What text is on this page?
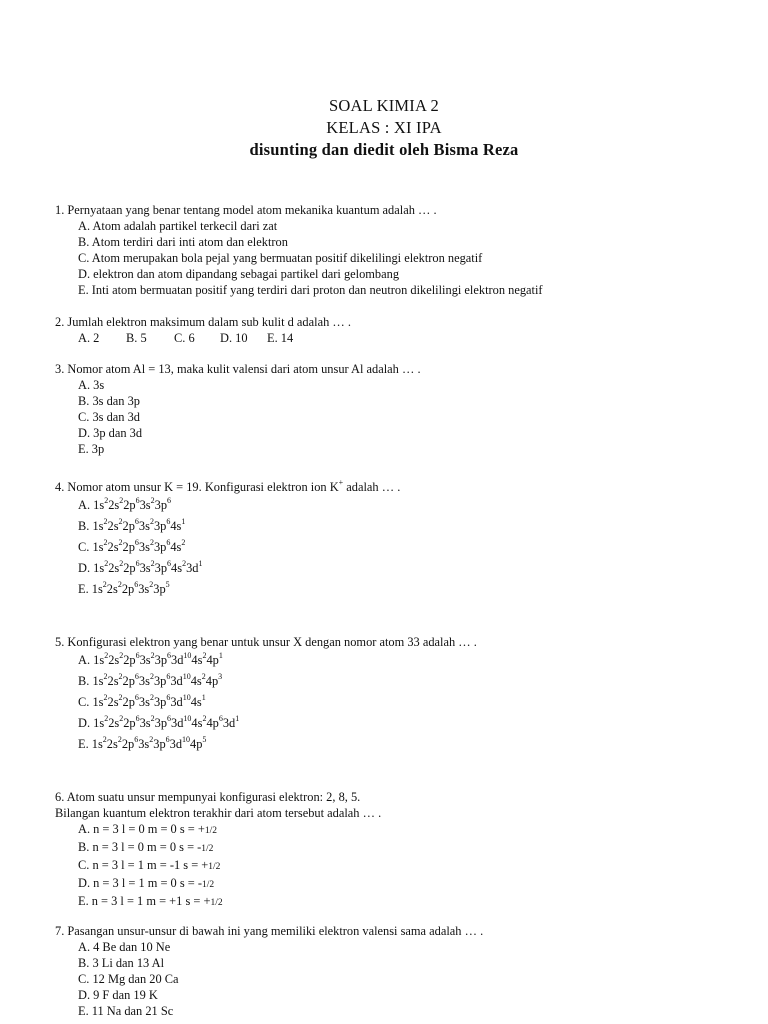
SOAL KIMIA 2
KELAS : XI IPA
disunting dan diedit oleh Bisma Reza
1. Pernyataan yang benar tentang model atom mekanika kuantum adalah … .
A. Atom adalah partikel terkecil dari zat
B. Atom terdiri dari inti atom dan elektron
C. Atom merupakan bola pejal yang bermuatan positif dikelilingi elektron negatif
D. elektron dan atom dipandang sebagai partikel dari gelombang
E. Inti atom bermuatan positif yang terdiri dari proton dan neutron dikelilingi elektron negatif
2. Jumlah elektron maksimum dalam sub kulit d adalah … .
A. 2 B. 5 C. 6 D. 10 E. 14
3. Nomor atom Al = 13, maka kulit valensi dari atom unsur Al adalah … .
A. 3s
B. 3s dan 3p
C. 3s dan 3d
D. 3p dan 3d
E. 3p
4. Nomor atom unsur K = 19. Konfigurasi elektron ion K+ adalah … .
A. $1s^22s^22p^63s^23p^6$
B. $1s^22s^22p^63s^23p^64s^1$
C. $1s^22s^22p^63s^23p^64s^2$
D. $1s^22s^22p^63s^23p^64s^23d^1$
E. $1s^22s^22p^63s^23p^5$
5. Konfigurasi elektron yang benar untuk unsur X dengan nomor atom 33 adalah … .
A. $1s^22s^22p^63s^23p^63d^{10}4s^24p^1$
B. $1s^22s^22p^63s^23p^63d^{10}4s^24p^3$
C. $1s^22s^22p^63s^23p^63d^{10}4s^1$
D. $1s^22s^22p^63s^23p^63d^{10}4s^24p^63d^1$
E. $1s^22s^22p^63s^23p^63d^{10}4p^5$
6. Atom suatu unsur mempunyai konfigurasi elektron: 2, 8, 5.
Bilangan kuantum elektron terakhir dari atom tersebut adalah … .
A. n = 3 l = 0 m = 0 s = +1/2
B. n = 3 l = 0 m = 0 s = -1/2
C. n = 3 l = 1 m = -1 s = +1/2
D. n = 3 l = 1 m = 0 s = -1/2
E. n = 3 l = 1 m = +1 s = +1/2
7. Pasangan unsur-unsur di bawah ini yang memiliki elektron valensi sama adalah … .
A. 4 Be dan 10 Ne
B. 3 Li dan 13 Al
C. 12 Mg dan 20 Ca
D. 9 F dan 19 K
E. 11 Na dan 21 Sc
